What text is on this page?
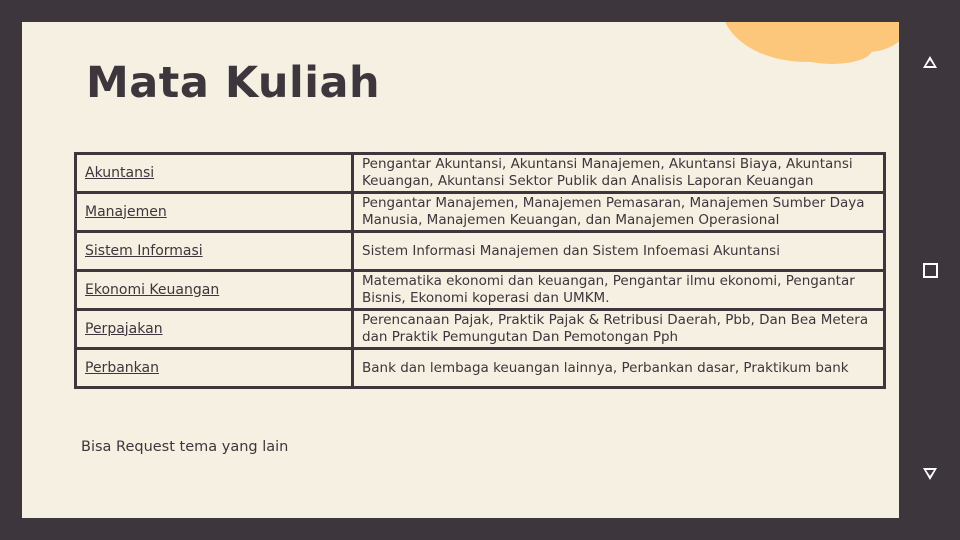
Mata Kuliah
Akuntansi	Pengantar Akuntansi, Akuntansi Manajemen, Akuntansi Biaya, Akuntansi Keuangan, Akuntansi Sektor Publik dan Analisis Laporan Keuangan
Manajemen	Pengantar Manajemen, Manajemen Pemasaran, Manajemen Sumber Daya Manusia, Manajemen Keuangan, dan Manajemen Operasional
Sistem Informasi	Sistem Informasi Manajemen dan Sistem Infoemasi Akuntansi
Ekonomi Keuangan	Matematika ekonomi dan keuangan, Pengantar ilmu ekonomi, Pengantar Bisnis, Ekonomi koperasi dan UMKM.
Perpajakan	Perencanaan Pajak, Praktik Pajak & Retribusi Daerah, Pbb, Dan Bea Metera dan Praktik Pemungutan Dan Pemotongan Pph
Perbankan	Bank dan lembaga keuangan lainnya, Perbankan dasar, Praktikum bank
Bisa Request tema yang lain
